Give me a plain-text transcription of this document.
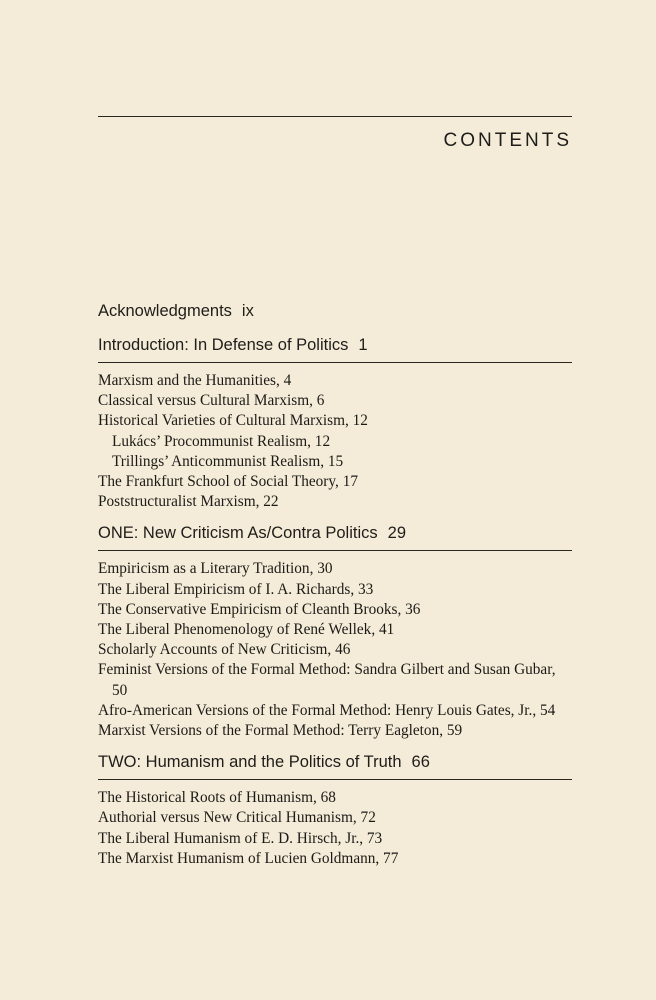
CONTENTS
Acknowledgments ix
Introduction: In Defense of Politics 1
Marxism and the Humanities, 4
Classical versus Cultural Marxism, 6
Historical Varieties of Cultural Marxism, 12
Lukács’ Procommunist Realism, 12
Trillings’ Anticommunist Realism, 15
The Frankfurt School of Social Theory, 17
Poststructuralist Marxism, 22
ONE: New Criticism As/Contra Politics 29
Empiricism as a Literary Tradition, 30
The Liberal Empiricism of I. A. Richards, 33
The Conservative Empiricism of Cleanth Brooks, 36
The Liberal Phenomenology of René Wellek, 41
Scholarly Accounts of New Criticism, 46
Feminist Versions of the Formal Method: Sandra Gilbert and Susan Gubar, 50
Afro-American Versions of the Formal Method: Henry Louis Gates, Jr., 54
Marxist Versions of the Formal Method: Terry Eagleton, 59
TWO: Humanism and the Politics of Truth 66
The Historical Roots of Humanism, 68
Authorial versus New Critical Humanism, 72
The Liberal Humanism of E. D. Hirsch, Jr., 73
The Marxist Humanism of Lucien Goldmann, 77
